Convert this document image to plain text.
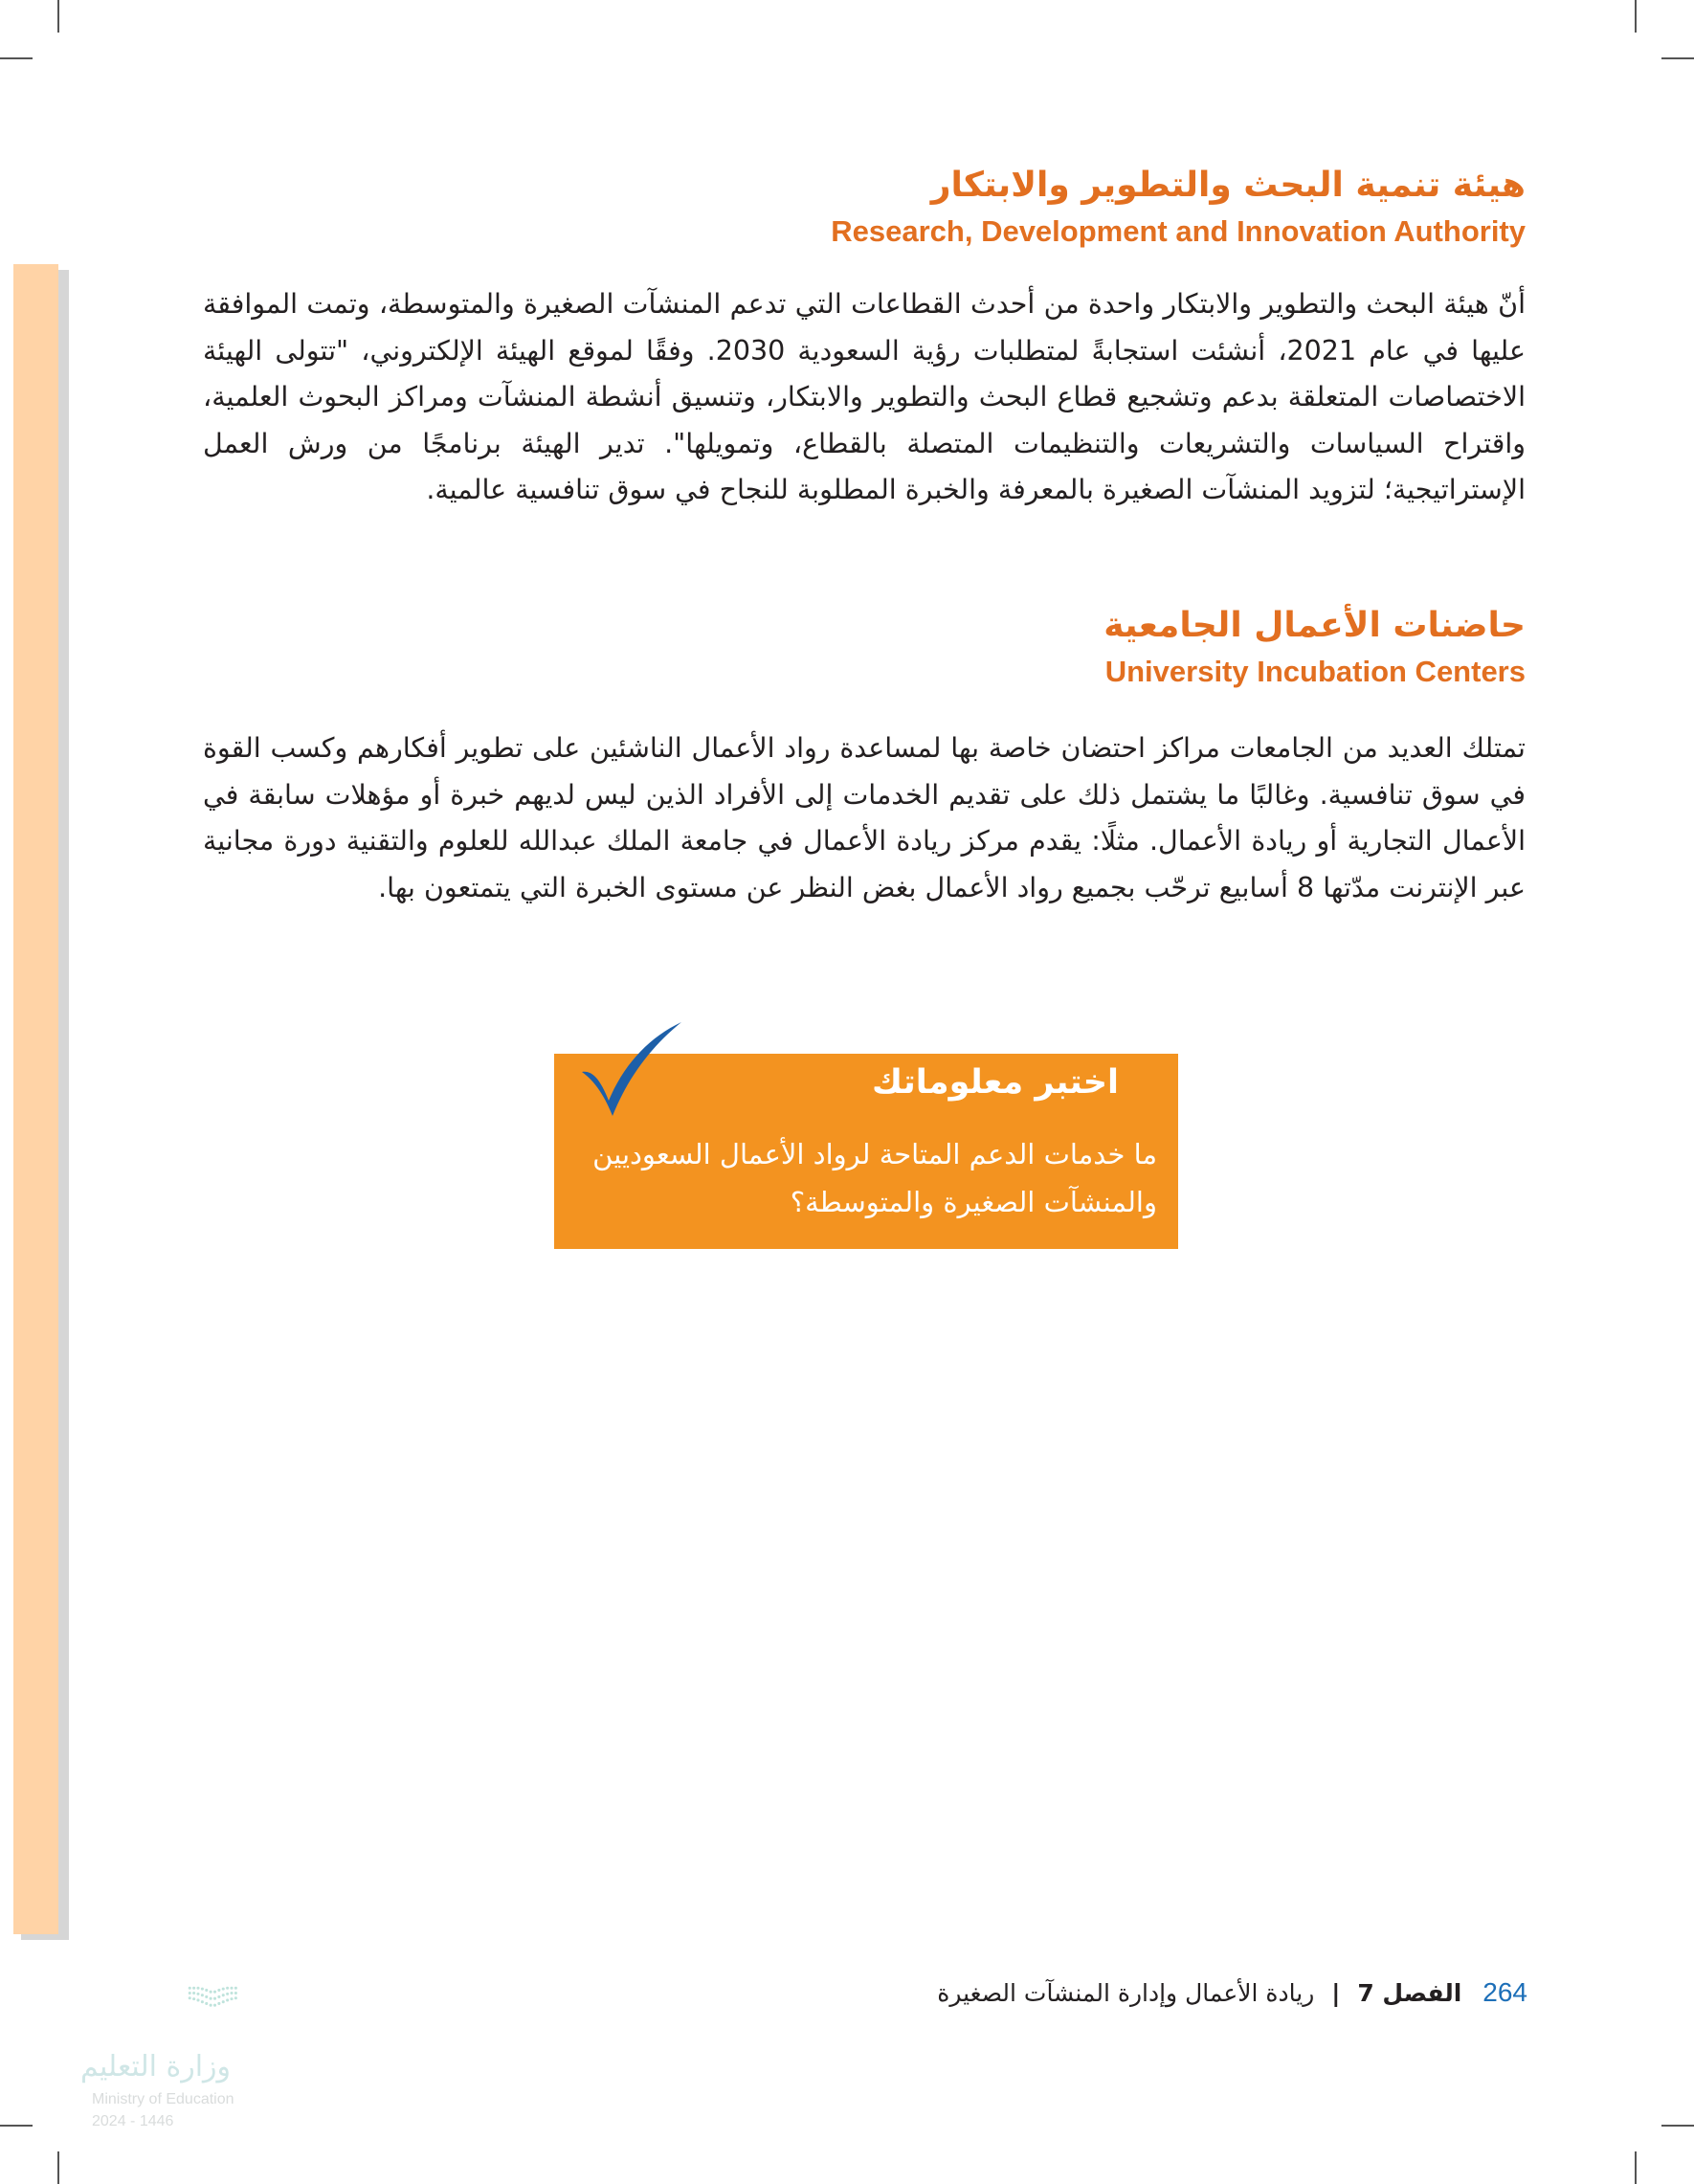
هيئة تنمية البحث والتطوير والابتكار
Research, Development and Innovation Authority
أنّ هيئة البحث والتطوير والابتكار واحدة من أحدث القطاعات التي تدعم المنشآت الصغيرة والمتوسطة، وتمت الموافقة عليها في عام 2021، أنشئت استجابةً لمتطلبات رؤية السعودية 2030. وفقًا لموقع الهيئة الإلكتروني، "تتولى الهيئة الاختصاصات المتعلقة بدعم وتشجيع قطاع البحث والتطوير والابتكار، وتنسيق أنشطة المنشآت ومراكز البحوث العلمية، واقتراح السياسات والتشريعات والتنظيمات المتصلة بالقطاع، وتمويلها". تدير الهيئة برنامجًا من ورش العمل الإستراتيجية؛ لتزويد المنشآت الصغيرة بالمعرفة والخبرة المطلوبة للنجاح في سوق تنافسية عالمية.
حاضنات الأعمال الجامعية
University Incubation Centers
تمتلك العديد من الجامعات مراكز احتضان خاصة بها لمساعدة رواد الأعمال الناشئين على تطوير أفكارهم وكسب القوة في سوق تنافسية. وغالبًا ما يشتمل ذلك على تقديم الخدمات إلى الأفراد الذين ليس لديهم خبرة أو مؤهلات سابقة في الأعمال التجارية أو ريادة الأعمال. مثلًا: يقدم مركز ريادة الأعمال في جامعة الملك عبدالله للعلوم والتقنية دورة مجانية عبر الإنترنت مدّتها 8 أسابيع ترحّب بجميع رواد الأعمال بغض النظر عن مستوى الخبرة التي يتمتعون بها.
اختبر معلوماتك
ما خدمات الدعم المتاحة لرواد الأعمال السعوديين والمنشآت الصغيرة والمتوسطة؟
264 الفصل 7 | ريادة الأعمال وإدارة المنشآت الصغيرة
وزارة التعليم
Ministry of Education
2024 - 1446
